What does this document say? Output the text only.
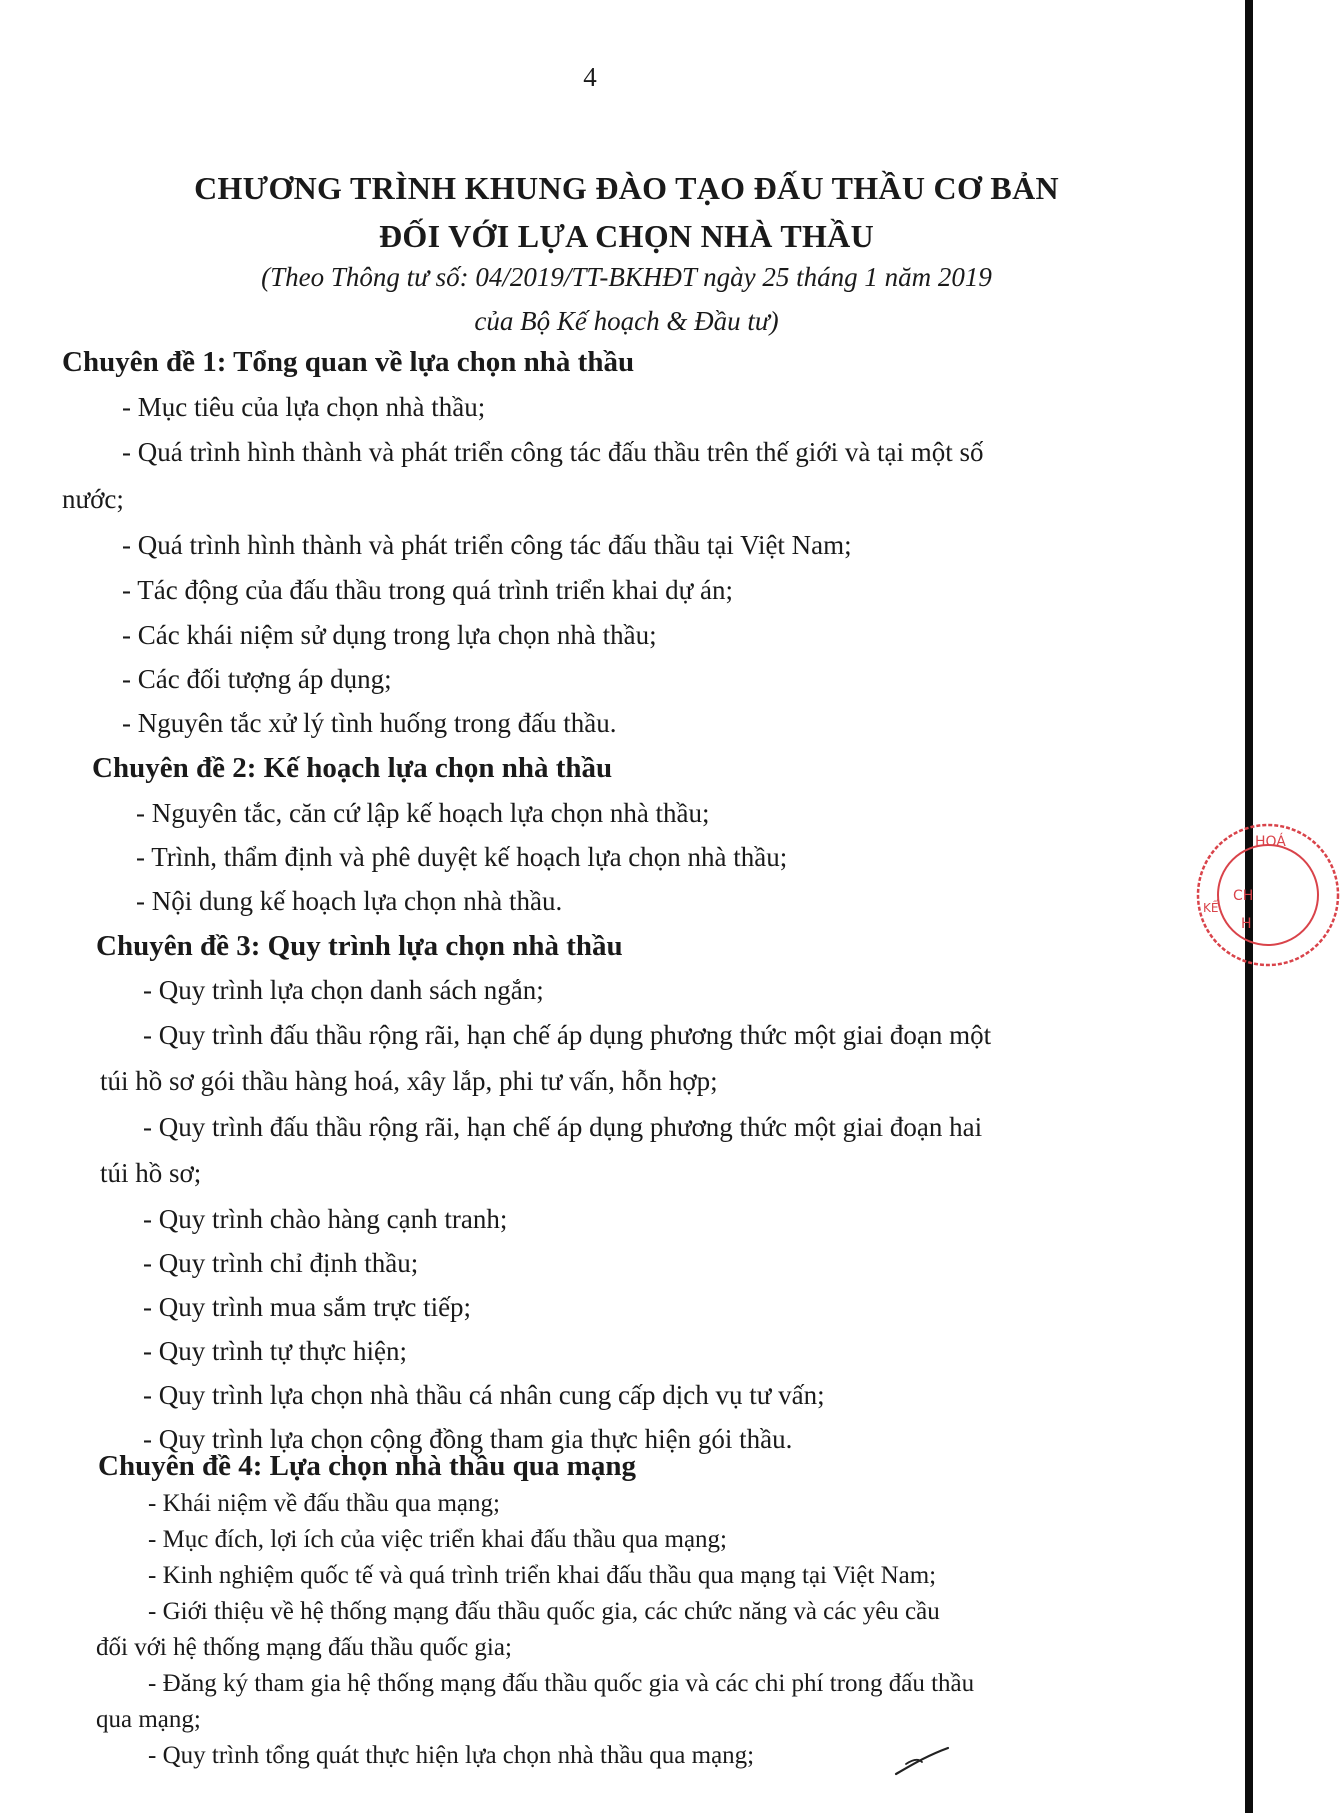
4
CHƯƠNG TRÌNH KHUNG ĐÀO TẠO ĐẤU THẦU CƠ BẢN
ĐỐI VỚI LỰA CHỌN NHÀ THẦU
(Theo Thông tư số: 04/2019/TT-BKHĐT ngày 25 tháng 1 năm 2019
của Bộ Kế hoạch & Đầu tư)
Chuyên đề 1: Tổng quan về lựa chọn nhà thầu
- Mục tiêu của lựa chọn nhà thầu;
- Quá trình hình thành và phát triển công tác đấu thầu trên thế giới và tại một số
nước;
- Quá trình hình thành và phát triển công tác đấu thầu tại Việt Nam;
- Tác động của đấu thầu trong quá trình triển khai dự án;
- Các khái niệm sử dụng trong lựa chọn nhà thầu;
- Các đối tượng áp dụng;
- Nguyên tắc xử lý tình huống trong đấu thầu.
Chuyên đề 2: Kế hoạch lựa chọn nhà thầu
- Nguyên tắc, căn cứ lập kế hoạch lựa chọn nhà thầu;
- Trình, thẩm định và phê duyệt kế hoạch lựa chọn nhà thầu;
- Nội dung kế hoạch lựa chọn nhà thầu.
Chuyên đề 3: Quy trình lựa chọn nhà thầu
- Quy trình lựa chọn danh sách ngắn;
- Quy trình đấu thầu rộng rãi, hạn chế áp dụng phương thức một giai đoạn một
túi hồ sơ gói thầu hàng hoá, xây lắp, phi tư vấn, hỗn hợp;
- Quy trình đấu thầu rộng rãi, hạn chế áp dụng phương thức một giai đoạn hai
túi hồ sơ;
- Quy trình chào hàng cạnh tranh;
- Quy trình chỉ định thầu;
- Quy trình mua sắm trực tiếp;
- Quy trình tự thực hiện;
- Quy trình lựa chọn nhà thầu cá nhân cung cấp dịch vụ tư vấn;
- Quy trình lựa chọn cộng đồng tham gia thực hiện gói thầu.
Chuyên đề 4: Lựa chọn nhà thầu qua mạng
- Khái niệm về đấu thầu qua mạng;
- Mục đích, lợi ích của việc triển khai đấu thầu qua mạng;
- Kinh nghiệm quốc tế và quá trình triển khai đấu thầu qua mạng tại Việt Nam;
- Giới thiệu về hệ thống mạng đấu thầu quốc gia, các chức năng và các yêu cầu
đối với hệ thống mạng đấu thầu quốc gia;
- Đăng ký tham gia hệ thống mạng đấu thầu quốc gia và các chi phí trong đấu thầu
qua mạng;
- Quy trình tổng quát thực hiện lựa chọn nhà thầu qua mạng;
HOÁ
KẾ
CH
H
